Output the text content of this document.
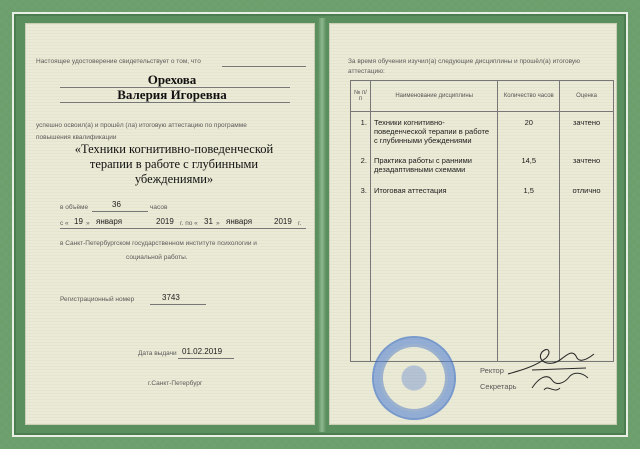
Настоящее удостоверение свидетельствует о том, что
Орехова
Валерия Игоревна
успешно освоил(а) и прошёл (ла) итоговую аттестацию по программе
повышения квалификации
«Техники когнитивно-поведенческой
терапии в работе с глубинными
убеждениями»
в объёме	36	часов
с « 19 » января	2019 г. по « 31 » января	2019 г.
в Санкт-Петербургском государственном институте психологии и
социальной работы.
Регистрационный номер	3743
Дата выдачи 01.02.2019
г.Санкт-Петербург
За время обучения изучил(а) следующие дисциплины и прошёл(а) итоговую
аттестацию:
№ п/п	Наименование дисциплины	Количество часов	Оценка
1.	Техники когнитивно-поведенческой терапии в работе с глубинными убеждениями	20	зачтено
2.	Практика работы с ранними дезадаптивными схемами	14,5	зачтено
3.	Итоговая аттестация	1,5	отлично

Ректор
Секретарь
